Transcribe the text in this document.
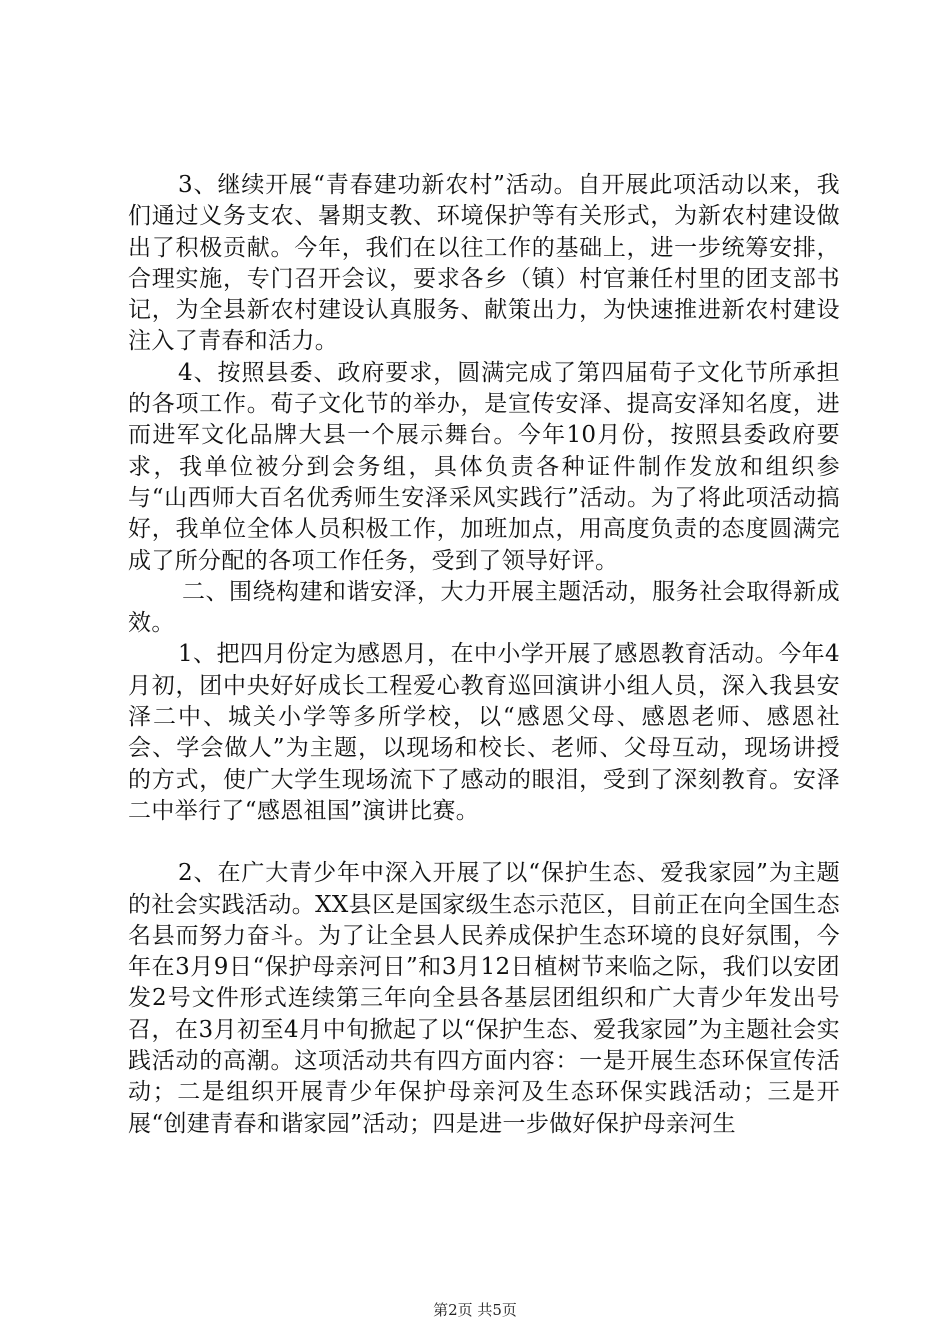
3、继续开展“青春建功新农村”活动。自开展此项活动以来，我们通过义务支农、暑期支教、环境保护等有关形式，为新农村建设做出了积极贡献。今年，我们在以往工作的基础上，进一步统筹安排，合理实施，专门召开会议，要求各乡（镇）村官兼任村里的团支部书记，为全县新农村建设认真服务、献策出力，为快速推进新农村建设注入了青春和活力。

4、按照县委、政府要求，圆满完成了第四届荀子文化节所承担的各项工作。荀子文化节的举办，是宣传安泽、提高安泽知名度，进而进军文化品牌大县一个展示舞台。今年10月份，按照县委政府要求，我单位被分到会务组，具体负责各种证件制作发放和组织参与“山西师大百名优秀师生安泽采风实践行”活动。为了将此项活动搞好，我单位全体人员积极工作，加班加点，用高度负责的态度圆满完成了所分配的各项工作任务，受到了领导好评。

二、围绕构建和谐安泽，大力开展主题活动，服务社会取得新成效。

1、把四月份定为感恩月，在中小学开展了感恩教育活动。今年4月初，团中央好好成长工程爱心教育巡回演讲小组人员，深入我县安泽二中、城关小学等多所学校，以“感恩父母、感恩老师、感恩社会、学会做人”为主题，以现场和校长、老师、父母互动，现场讲授的方式，使广大学生现场流下了感动的眼泪，受到了深刻教育。安泽二中举行了“感恩祖国”演讲比赛。

2、在广大青少年中深入开展了以“保护生态、爱我家园”为主题的社会实践活动。XX县区是国家级生态示范区，目前正在向全国生态名县而努力奋斗。为了让全县人民养成保护生态环境的良好氛围，今年在3月9日“保护母亲河日”和3月12日植树节来临之际，我们以安团发2号文件形式连续第三年向全县各基层团组织和广大青少年发出号召，在3月初至4月中旬掀起了以“保护生态、爱我家园”为主题社会实践活动的高潮。这项活动共有四方面内容：一是开展生态环保宣传活动；二是组织开展青少年保护母亲河及生态环保实践活动；三是开展“创建青春和谐家园”活动；四是进一步做好保护母亲河生

第2页 共5页
